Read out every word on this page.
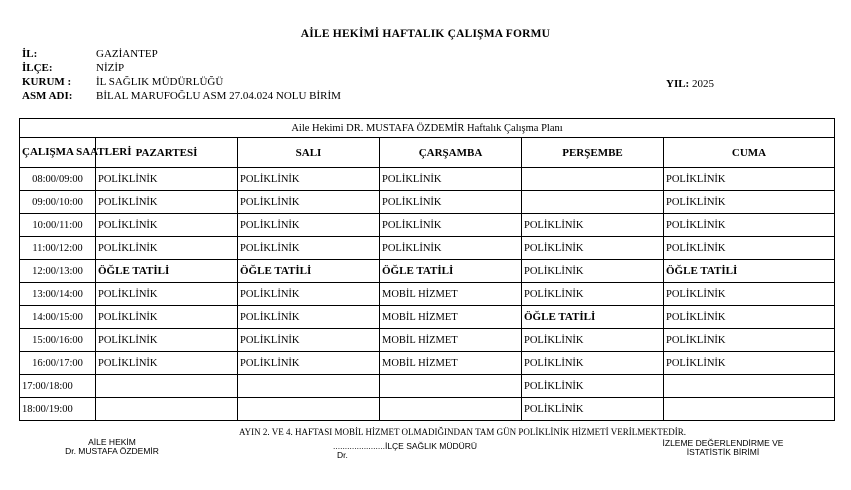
AİLE HEKİMİ HAFTALIK ÇALIŞMA FORMU
İL:	GAZİANTEP
İLÇE:	NİZİP
KURUM :	İL SAĞLIK MÜDÜRLÜĞÜ
ASM ADI:	BİLAL MARUFOĞLU ASM 27.04.024 NOLU BİRİM
YIL: 2025
Aile Hekimi DR. MUSTAFA ÖZDEMİR Haftalık Çalışma Planı					
ÇALIŞMA SAATLERİ	PAZARTESİ	SALI	ÇARŞAMBA	PERŞEMBE	CUMA
08:00/09:00	POLİKLİNİK	POLİKLİNİK	POLİKLİNİK		POLİKLİNİK
09:00/10:00	POLİKLİNİK	POLİKLİNİK	POLİKLİNİK		POLİKLİNİK
10:00/11:00	POLİKLİNİK	POLİKLİNİK	POLİKLİNİK	POLİKLİNİK	POLİKLİNİK
11:00/12:00	POLİKLİNİK	POLİKLİNİK	POLİKLİNİK	POLİKLİNİK	POLİKLİNİK
12:00/13:00	ÖĞLE TATİLİ	ÖĞLE TATİLİ	ÖĞLE TATİLİ	POLİKLİNİK	ÖĞLE TATİLİ
13:00/14:00	POLİKLİNİK	POLİKLİNİK	MOBİL HİZMET	POLİKLİNİK	POLİKLİNİK
14:00/15:00	POLİKLİNİK	POLİKLİNİK	MOBİL HİZMET	ÖĞLE TATİLİ	POLİKLİNİK
15:00/16:00	POLİKLİNİK	POLİKLİNİK	MOBİL HİZMET	POLİKLİNİK	POLİKLİNİK
16:00/17:00	POLİKLİNİK	POLİKLİNİK	MOBİL HİZMET	POLİKLİNİK	POLİKLİNİK
17:00/18:00				POLİKLİNİK	
18:00/19:00				POLİKLİNİK	
AYIN 2. VE 4. HAFTASI MOBİL HİZMET OLMADIĞINDAN TAM GÜN POLİKLİNİK HİZMETİ VERİLMEKTEDİR.
AİLE HEKİM
Dr. MUSTAFA ÖZDEMİR	......................İLÇE SAĞLIK MÜDÜRÜ
Dr.
İZLEME DEĞERLENDİRME VE
İSTATİSTİK BİRİMİ
